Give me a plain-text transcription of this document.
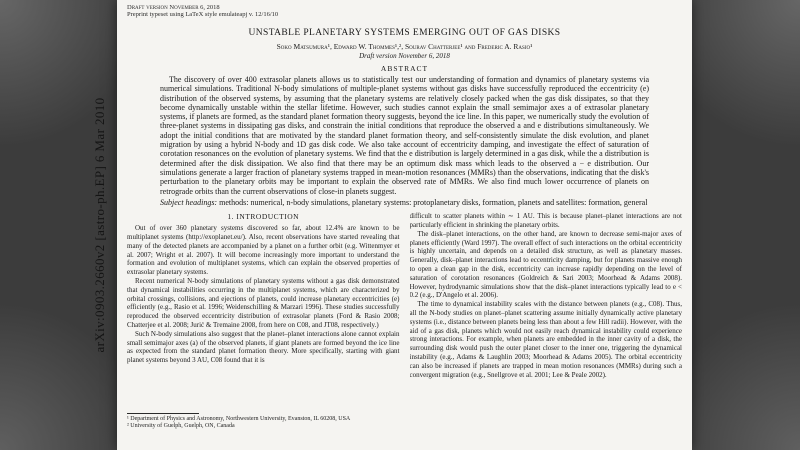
arXiv:0903.2660v2 [astro-ph.EP] 6 Mar 2010
Draft version November 6, 2018
Preprint typeset using LaTeX style emulateapj v. 12/16/10
UNSTABLE PLANETARY SYSTEMS EMERGING OUT OF GAS DISKS
Soko Matsumura¹, Edward W. Thommes¹,², Sourav Chatterjee¹ and Frederic A. Rasio¹
Draft version November 6, 2018
ABSTRACT
The discovery of over 400 extrasolar planets allows us to statistically test our understanding of formation and dynamics of planetary systems via numerical simulations. Traditional N-body simulations of multiple-planet systems without gas disks have successfully reproduced the eccentricity (e) distribution of the observed systems, by assuming that the planetary systems are relatively closely packed when the gas disk dissipates, so that they become dynamically unstable within the stellar lifetime. However, such studies cannot explain the small semimajor axes a of extrasolar planetary systems, if planets are formed, as the standard planet formation theory suggests, beyond the ice line. In this paper, we numerically study the evolution of three-planet systems in dissipating gas disks, and constrain the initial conditions that reproduce the observed a and e distributions simultaneously. We adopt the initial conditions that are motivated by the standard planet formation theory, and self-consistently simulate the disk evolution, and planet migration by using a hybrid N-body and 1D gas disk code. We also take account of eccentricity damping, and investigate the effect of saturation of corotation resonances on the evolution of planetary systems. We find that the e distribution is largely determined in a gas disk, while the a distribution is determined after the disk dissipation. We also find that there may be an optimum disk mass which leads to the observed a − e distribution. Our simulations generate a larger fraction of planetary systems trapped in mean-motion resonances (MMRs) than the observations, indicating that the disk's perturbation to the planetary orbits may be important to explain the observed rate of MMRs. We also find much lower occurrence of planets on retrograde orbits than the current observations of close-in planets suggest.
Subject headings: methods: numerical, n-body simulations, planetary systems: protoplanetary disks, formation, planets and satellites: formation, general
1. INTRODUCTION

Out of over 360 planetary systems discovered so far, about 12.4% are known to be multiplanet systems (http://exoplanet.eu/). Also, recent observations have started revealing that many of the detected planets are accompanied by a planet on a further orbit (e.g. Wittenmyer et al. 2007; Wright et al. 2007). It will become increasingly more important to understand the formation and evolution of multiplanet systems, which can explain the observed properties of extrasolar planetary systems.

Recent numerical N-body simulations of planetary systems without a gas disk demonstrated that dynamical instabilities occurring in the multiplanet systems, which are characterized by orbital crossings, collisions, and ejections of planets, could increase planetary eccentricities (e) efficiently (e.g., Rasio et al. 1996; Weidenschilling & Marzari 1996). These studies successfully reproduced the observed eccentricity distribution of extrasolar planets (Ford & Rasio 2008; Chatterjee et al. 2008; Jurić & Tremaine 2008, from here on C08, and JT08, respectively.)

Such N-body simulations also suggest that the planet–planet interactions alone cannot explain small semimajor axes (a) of the observed planets, if giant planets are formed beyond the ice line as expected from the standard planet formation theory. More specifically, starting with giant planet systems beyond 3 AU, C08 found that it is

¹ Department of Physics and Astronomy, Northwestern University, Evanston, IL 60208, USA
² University of Guelph, Guelph, ON, Canada

difficult to scatter planets within ∼ 1 AU. This is because planet–planet interactions are not particularly efficient in shrinking the planetary orbits.

The disk–planet interactions, on the other hand, are known to decrease semi-major axes of planets efficiently (Ward 1997). The overall effect of such interactions on the orbital eccentricity is highly uncertain, and depends on a detailed disk structure, as well as planetary masses. Generally, disk–planet interactions lead to eccentricity damping, but for planets massive enough to open a clean gap in the disk, eccentricity can increase rapidly depending on the level of saturation of corotation resonances (Goldreich & Sari 2003; Moorhead & Adams 2008). However, hydrodynamic simulations show that the disk–planet interactions typically lead to e < 0.2 (e.g., D'Angelo et al. 2006).

The time to dynamical instability scales with the distance between planets (e.g., C08). Thus, all the N-body studies on planet–planet scattering assume initially dynamically active planetary systems (i.e., distance between planets being less than about a few Hill radii). However, with the aid of a gas disk, planets which would not easily reach dynamical instability could experience strong interactions. For example, when planets are embedded in the inner cavity of a disk, the surrounding disk would push the outer planet closer to the inner one, triggering the dynamical instability (e.g., Adams & Laughlin 2003; Moorhead & Adams 2005). The orbital eccentricity can also be increased if planets are trapped in mean motion resonances (MMRs) during such a convergent migration (e.g., Snellgrove et al. 2001; Lee & Peale 2002).
